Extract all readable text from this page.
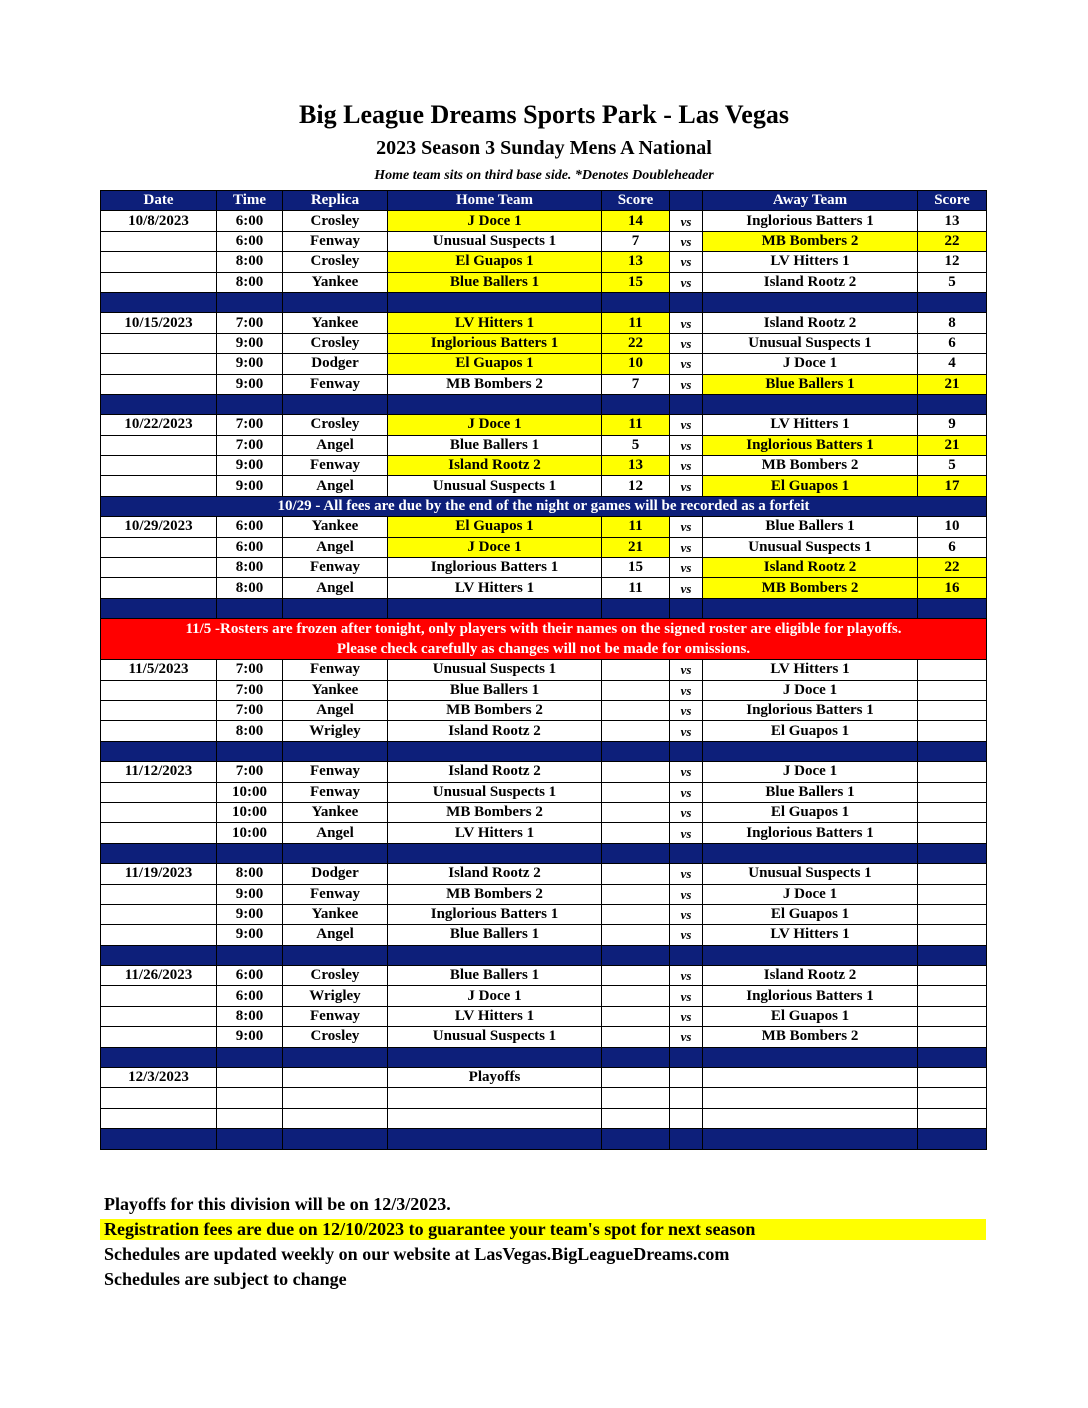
Big League Dreams Sports Park - Las Vegas
2023 Season 3 Sunday Mens A National
Home team sits on third base side. *Denotes Doubleheader
Date	Time	Replica	Home Team	Score		Away Team	Score
10/8/2023	6:00	Crosley	J Doce 1	14	vs	Inglorious Batters 1	13
	6:00	Fenway	Unusual Suspects 1	7	vs	MB Bombers 2	22
	8:00	Crosley	El Guapos 1	13	vs	LV Hitters 1	12
	8:00	Yankee	Blue Ballers 1	15	vs	Island Rootz 2	5

10/15/2023	7:00	Yankee	LV Hitters 1	11	vs	Island Rootz 2	8
	9:00	Crosley	Inglorious Batters 1	22	vs	Unusual Suspects 1	6
	9:00	Dodger	El Guapos 1	10	vs	J Doce 1	4
	9:00	Fenway	MB Bombers 2	7	vs	Blue Ballers 1	21

10/22/2023	7:00	Crosley	J Doce 1	11	vs	LV Hitters 1	9
	7:00	Angel	Blue Ballers 1	5	vs	Inglorious Batters 1	21
	9:00	Fenway	Island Rootz 2	13	vs	MB Bombers 2	5
	9:00	Angel	Unusual Suspects 1	12	vs	El Guapos 1	17

10/29 - All fees are due by the end of the night or games will be recorded as a forfeit							

10/29/2023	6:00	Yankee	El Guapos 1	11	vs	Blue Ballers 1	10
	6:00	Angel	J Doce 1	21	vs	Unusual Suspects 1	6
	8:00	Fenway	Inglorious Batters 1	15	vs	Island Rootz 2	22
	8:00	Angel	LV Hitters 1	11	vs	MB Bombers 2	16

11/5 -Rosters are frozen after tonight, only players with their names on the signed roster are eligible for playoffs.
Please check carefully as changes will not be made for omissions.							

11/5/2023	7:00	Fenway	Unusual Suspects 1		vs	LV Hitters 1	
	7:00	Yankee	Blue Ballers 1		vs	J Doce 1	
	7:00	Angel	MB Bombers 2		vs	Inglorious Batters 1	
	8:00	Wrigley	Island Rootz 2		vs	El Guapos 1	

11/12/2023	7:00	Fenway	Island Rootz 2		vs	J Doce 1	
	10:00	Fenway	Unusual Suspects 1		vs	Blue Ballers 1	
	10:00	Yankee	MB Bombers 2		vs	El Guapos 1	
	10:00	Angel	LV Hitters 1		vs	Inglorious Batters 1	

11/19/2023	8:00	Dodger	Island Rootz 2		vs	Unusual Suspects 1	
	9:00	Fenway	MB Bombers 2		vs	J Doce 1	
	9:00	Yankee	Inglorious Batters 1		vs	El Guapos 1	
	9:00	Angel	Blue Ballers 1		vs	LV Hitters 1	

11/26/2023	6:00	Crosley	Blue Ballers 1		vs	Island Rootz 2	
	6:00	Wrigley	J Doce 1		vs	Inglorious Batters 1	
	8:00	Fenway	LV Hitters 1		vs	El Guapos 1	
	9:00	Crosley	Unusual Suspects 1		vs	MB Bombers 2	

12/3/2023			Playoffs				

Playoffs for this division will be on 12/3/2023.
Registration fees are due on 12/10/2023 to guarantee your team's spot for next season
Schedules are updated weekly on our website at LasVegas.BigLeagueDreams.com
Schedules are subject to change
